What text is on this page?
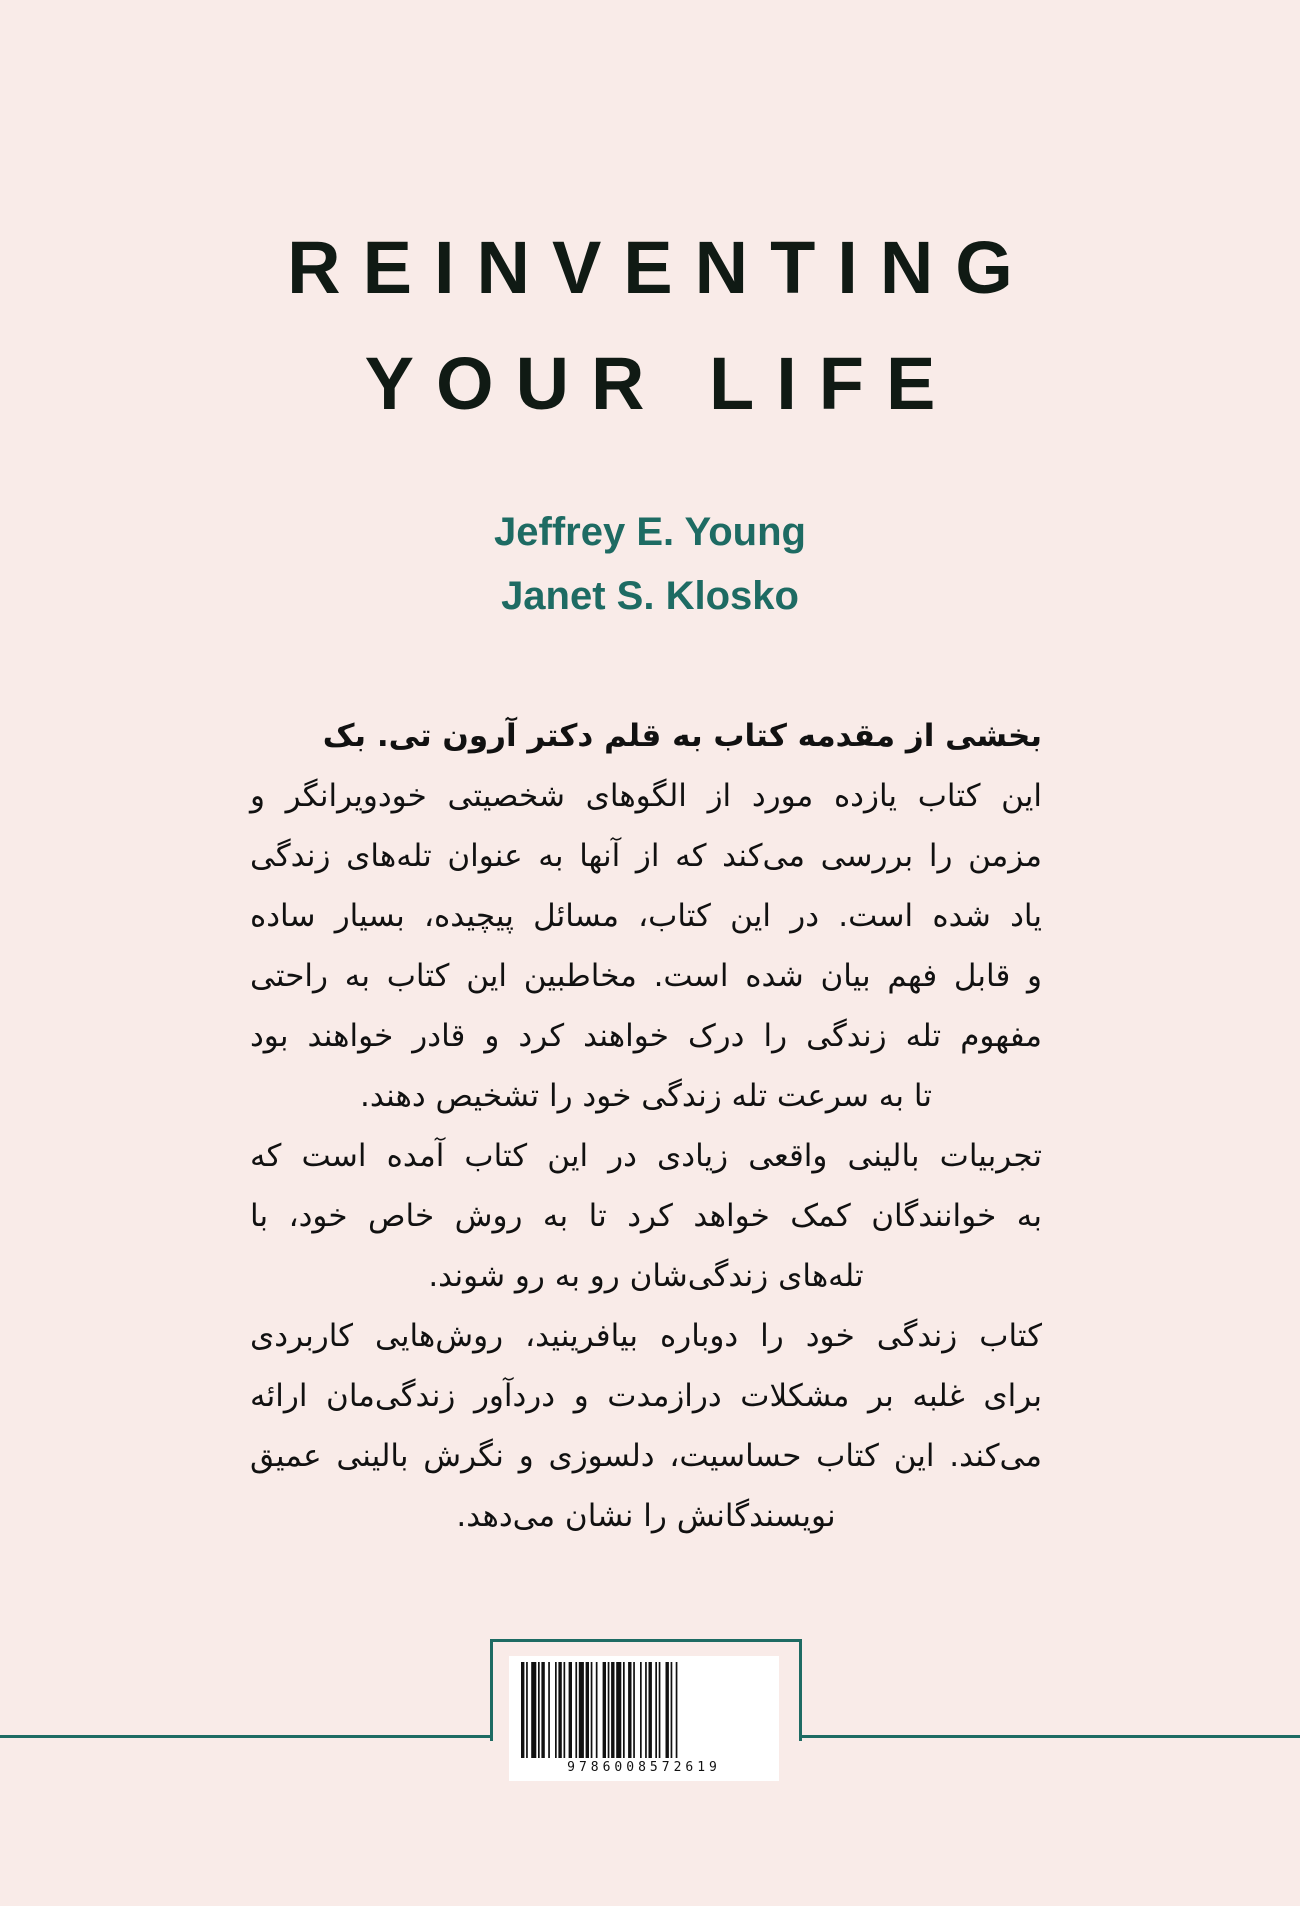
REINVENTING
YOUR LIFE
Jeffrey E. Young
Janet S. Klosko
بخشی از مقدمه کتاب به قلم دکتر آرون تی. بک
این کتاب یازده مورد از الگوهای شخصیتی خودویرانگر و
مزمن را بررسی می‌کند که از آنها به عنوان تله‌های زندگی
یاد شده است. در این کتاب، مسائل پیچیده، بسیار ساده
و قابل فهم بیان شده است. مخاطبین این کتاب به راحتی
مفهوم تله زندگی را درک خواهند کرد و قادر خواهند بود
تا به سرعت تله زندگی خود را تشخیص دهند.
تجربیات بالینی واقعی زیادی در این کتاب آمده است که
به خوانندگان کمک خواهد کرد تا به روش خاص خود، با
تله‌های زندگی‌شان رو به رو شوند.
کتاب زندگی خود را دوباره بیافرینید، روش‌هایی کاربردی
برای غلبه بر مشکلات درازمدت و دردآور زندگی‌مان ارائه
می‌کند. این کتاب حساسیت، دلسوزی و نگرش بالینی عمیق
نویسندگانش را نشان می‌دهد.
9786008572619
